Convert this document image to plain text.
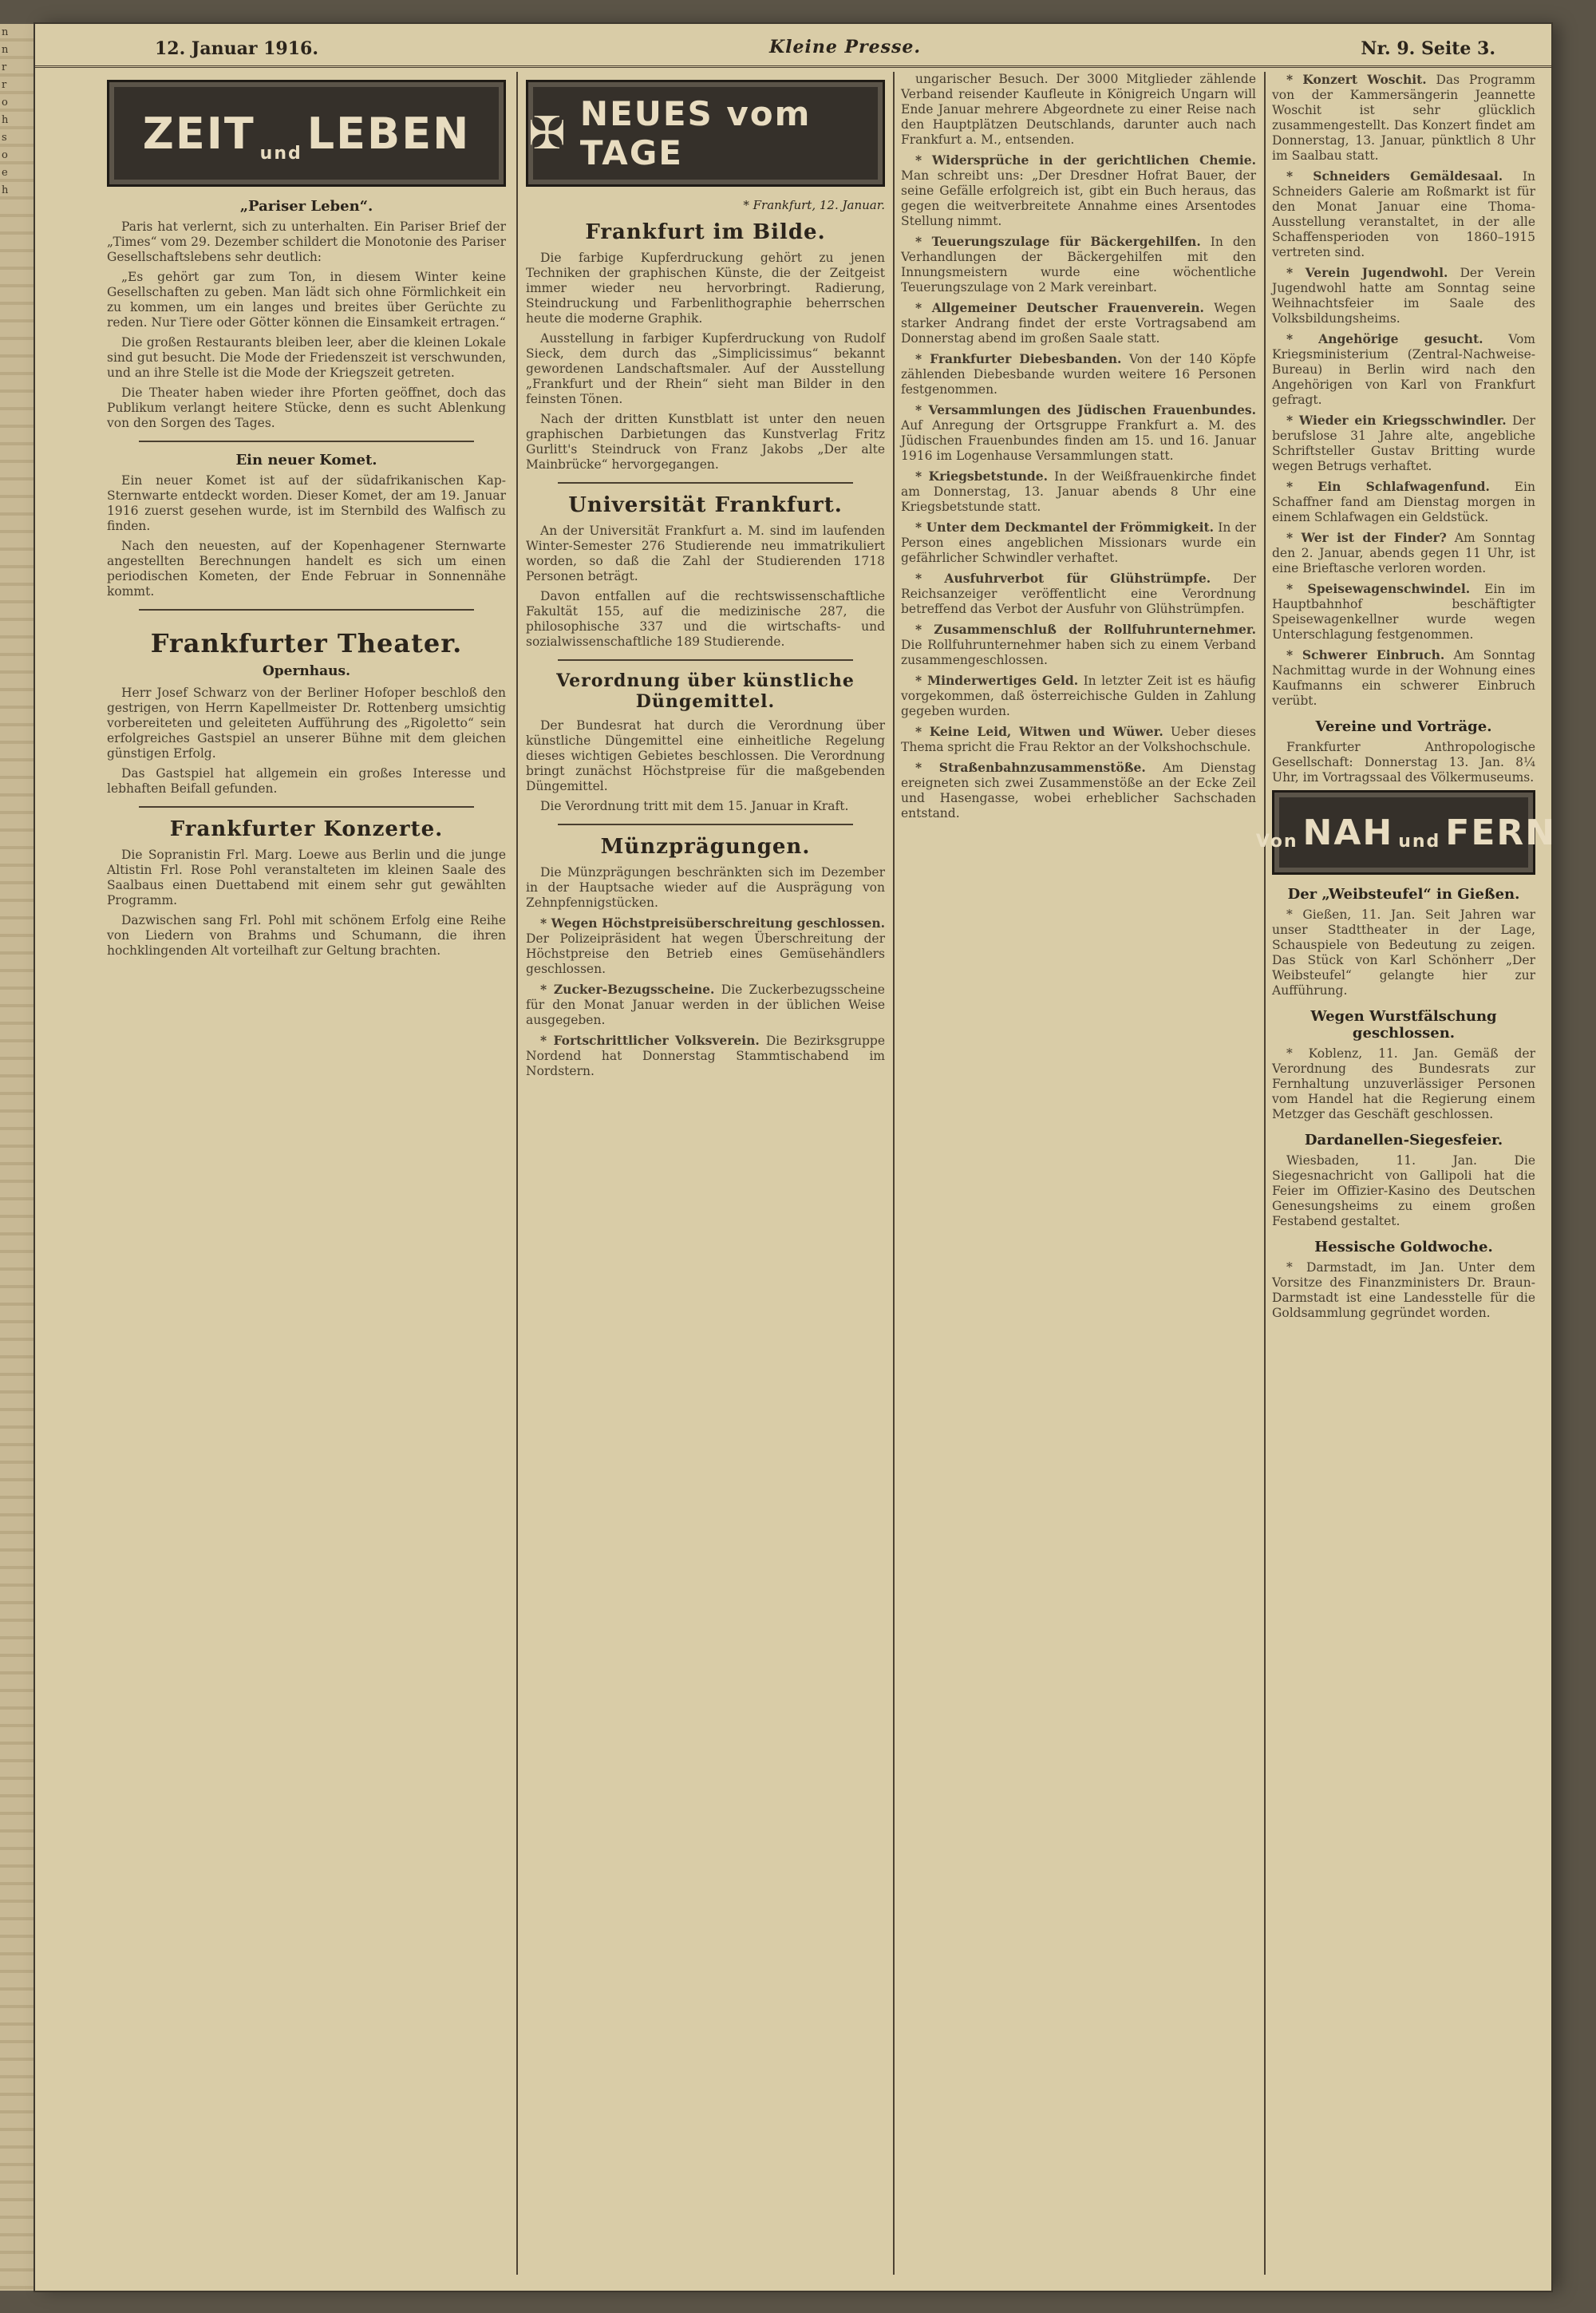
n
n
r
r
o
h
s
o
e
h
12. Januar 1916.	Kleine Presse.	Nr. 9. Seite 3.
ZEIT und LEBEN
„Pariser Leben“.

Paris hat verlernt, sich zu unterhalten. Ein Pariser Brief der „Times“ vom 29. Dezember schildert die Monotonie des Pariser Gesellschaftslebens sehr deutlich:

„Es gehört gar zum Ton, in diesem Winter keine Gesellschaften zu geben. Man lädt sich ohne Förmlichkeit ein zu kommen, um ein langes und breites über Gerüchte zu reden. Nur Tiere oder Götter können die Einsamkeit ertragen.“

Die großen Restaurants bleiben leer, aber die kleinen Lokale sind gut besucht. Die Mode der Friedenszeit ist verschwunden, und an ihre Stelle ist die Mode der Kriegszeit getreten.

Die Theater haben wieder ihre Pforten geöffnet, doch das Publikum verlangt heitere Stücke, denn es sucht Ablenkung von den Sorgen des Tages.

Ein neuer Komet.

Ein neuer Komet ist auf der südafrikanischen Kap-Sternwarte entdeckt worden. Dieser Komet, der am 19. Januar 1916 zuerst gesehen wurde, ist im Sternbild des Walfisch zu finden.

Nach den neuesten, auf der Kopenhagener Sternwarte angestellten Berechnungen handelt es sich um einen periodischen Kometen, der Ende Februar in Sonnennähe kommt.

Frankfurter Theater.
Opernhaus.

Herr Josef Schwarz von der Berliner Hofoper beschloß den gestrigen, von Herrn Kapellmeister Dr. Rottenberg umsichtig vorbereiteten und geleiteten Aufführung des „Rigoletto“ sein erfolgreiches Gastspiel an unserer Bühne mit dem gleichen günstigen Erfolg.

Das Gastspiel hat allgemein ein großes Interesse und lebhaften Beifall gefunden.

Frankfurter Konzerte.

Die Sopranistin Frl. Marg. Loewe aus Berlin und die junge Altistin Frl. Rose Pohl veranstalteten im kleinen Saale des Saalbaus einen Duettabend mit einem sehr gut gewählten Programm.

Dazwischen sang Frl. Pohl mit schönem Erfolg eine Reihe von Liedern von Brahms und Schumann, die ihren hochklingenden Alt vorteilhaft zur Geltung brachten.

✠ NEUES vom TAGE
* Frankfurt, 12. Januar.
Frankfurt im Bilde.

Die farbige Kupferdruckung gehört zu jenen Techniken der graphischen Künste, die der Zeitgeist immer wieder neu hervorbringt. Radierung, Steindruckung und Farbenlithographie beherrschen heute die moderne Graphik.

Ausstellung in farbiger Kupferdruckung von Rudolf Sieck, dem durch das „Simplicissimus“ bekannt gewordenen Landschaftsmaler. Auf der Ausstellung „Frankfurt und der Rhein“ sieht man Bilder in den feinsten Tönen.

Nach der dritten Kunstblatt ist unter den neuen graphischen Darbietungen das Kunstverlag Fritz Gurlitt's Steindruck von Franz Jakobs „Der alte Mainbrücke“ hervorgegangen.

Universität Frankfurt.

An der Universität Frankfurt a. M. sind im laufenden Winter-Semester 276 Studierende neu immatrikuliert worden, so daß die Zahl der Studierenden 1718 Personen beträgt.

Davon entfallen auf die rechtswissenschaftliche Fakultät 155, auf die medizinische 287, die philosophische 337 und die wirtschafts- und sozialwissenschaftliche 189 Studierende.

Verordnung über künstliche Düngemittel.

Der Bundesrat hat durch die Verordnung über künstliche Düngemittel eine einheitliche Regelung dieses wichtigen Gebietes beschlossen. Die Verordnung bringt zunächst Höchstpreise für die maßgebenden Düngemittel.

Die Verordnung tritt mit dem 15. Januar in Kraft.

Münzprägungen.

Die Münzprägungen beschränkten sich im Dezember in der Hauptsache wieder auf die Ausprägung von Zehnpfennigstücken.

* Wegen Höchstpreisüberschreitung geschlossen. Der Polizeipräsident hat wegen Überschreitung der Höchstpreise den Betrieb eines Gemüsehändlers geschlossen.

* Zucker-Bezugsscheine. Die Zuckerbezugsscheine für den Monat Januar werden in der üblichen Weise ausgegeben.

* Fortschrittlicher Volksverein. Die Bezirksgruppe Nordend hat Donnerstag Stammtischabend im Nordstern.

ungarischer Besuch. Der 3000 Mitglieder zählende Verband reisender Kaufleute in Königreich Ungarn will Ende Januar mehrere Abgeordnete zu einer Reise nach den Hauptplätzen Deutschlands, darunter auch nach Frankfurt a. M., entsenden.

* Widersprüche in der gerichtlichen Chemie. Man schreibt uns: „Der Dresdner Hofrat Bauer, der seine Gefälle erfolgreich ist, gibt ein Buch heraus, das gegen die weitverbreitete Annahme eines Arsentodes Stellung nimmt.

* Teuerungszulage für Bäckergehilfen. In den Verhandlungen der Bäckergehilfen mit den Innungsmeistern wurde eine wöchentliche Teuerungszulage von 2 Mark vereinbart.

* Allgemeiner Deutscher Frauenverein. Wegen starker Andrang findet der erste Vortragsabend am Donnerstag abend im großen Saale statt.

* Frankfurter Diebesbanden. Von der 140 Köpfe zählenden Diebesbande wurden weitere 16 Personen festgenommen.

* Versammlungen des Jüdischen Frauenbundes. Auf Anregung der Ortsgruppe Frankfurt a. M. des Jüdischen Frauenbundes finden am 15. und 16. Januar 1916 im Logenhause Versammlungen statt.

* Kriegsbetstunde. In der Weißfrauenkirche findet am Donnerstag, 13. Januar abends 8 Uhr eine Kriegsbetstunde statt.

* Unter dem Deckmantel der Frömmigkeit. In der Person eines angeblichen Missionars wurde ein gefährlicher Schwindler verhaftet.

* Ausfuhrverbot für Glühstrümpfe. Der Reichsanzeiger veröffentlicht eine Verordnung betreffend das Verbot der Ausfuhr von Glühstrümpfen.

* Zusammenschluß der Rollfuhrunternehmer. Die Rollfuhrunternehmer haben sich zu einem Verband zusammengeschlossen.

* Minderwertiges Geld. In letzter Zeit ist es häufig vorgekommen, daß österreichische Gulden in Zahlung gegeben wurden.

* Keine Leid, Witwen und Wüwer. Ueber dieses Thema spricht die Frau Rektor an der Volkshochschule.

* Straßenbahnzusammenstöße. Am Dienstag ereigneten sich zwei Zusammenstöße an der Ecke Zeil und Hasengasse, wobei erheblicher Sachschaden entstand.

* Konzert Woschit. Das Programm von der Kammersängerin Jeannette Woschit ist sehr glücklich zusammengestellt. Das Konzert findet am Donnerstag, 13. Januar, pünktlich 8 Uhr im Saalbau statt.

* Schneiders Gemäldesaal. In Schneiders Galerie am Roßmarkt ist für den Monat Januar eine Thoma-Ausstellung veranstaltet, in der alle Schaffensperioden von 1860–1915 vertreten sind.

* Verein Jugendwohl. Der Verein Jugendwohl hatte am Sonntag seine Weihnachtsfeier im Saale des Volksbildungsheims.

* Angehörige gesucht. Vom Kriegsministerium (Zentral-Nachweise-Bureau) in Berlin wird nach den Angehörigen von Karl von Frankfurt gefragt.

* Wieder ein Kriegsschwindler. Der berufslose 31 Jahre alte, angebliche Schriftsteller Gustav Britting wurde wegen Betrugs verhaftet.

* Ein Schlafwagenfund. Ein Schaffner fand am Dienstag morgen in einem Schlafwagen ein Geldstück.

* Wer ist der Finder? Am Sonntag den 2. Januar, abends gegen 11 Uhr, ist eine Brieftasche verloren worden.

* Speisewagenschwindel. Ein im Hauptbahnhof beschäftigter Speisewagenkellner wurde wegen Unterschlagung festgenommen.

* Schwerer Einbruch. Am Sonntag Nachmittag wurde in der Wohnung eines Kaufmanns ein schwerer Einbruch verübt.

Vereine und Vorträge.

Frankfurter Anthropologische Gesellschaft: Donnerstag 13. Jan. 8¼ Uhr, im Vortragssaal des Völkermuseums.

Von NAH und FERN
Der „Weibsteufel“ in Gießen.

* Gießen, 11. Jan. Seit Jahren war unser Stadttheater in der Lage, Schauspiele von Bedeutung zu zeigen. Das Stück von Karl Schönherr „Der Weibsteufel“ gelangte hier zur Aufführung.

Wegen Wurstfälschung geschlossen.

* Koblenz, 11. Jan. Gemäß der Verordnung des Bundesrats zur Fernhaltung unzuverlässiger Personen vom Handel hat die Regierung einem Metzger das Geschäft geschlossen.

Dardanellen-Siegesfeier.

Wiesbaden, 11. Jan. Die Siegesnachricht von Gallipoli hat die Feier im Offizier-Kasino des Deutschen Genesungsheims zu einem großen Festabend gestaltet.

Hessische Goldwoche.

* Darmstadt, im Jan. Unter dem Vorsitze des Finanzministers Dr. Braun-Darmstadt ist eine Landesstelle für die Goldsammlung gegründet worden.
